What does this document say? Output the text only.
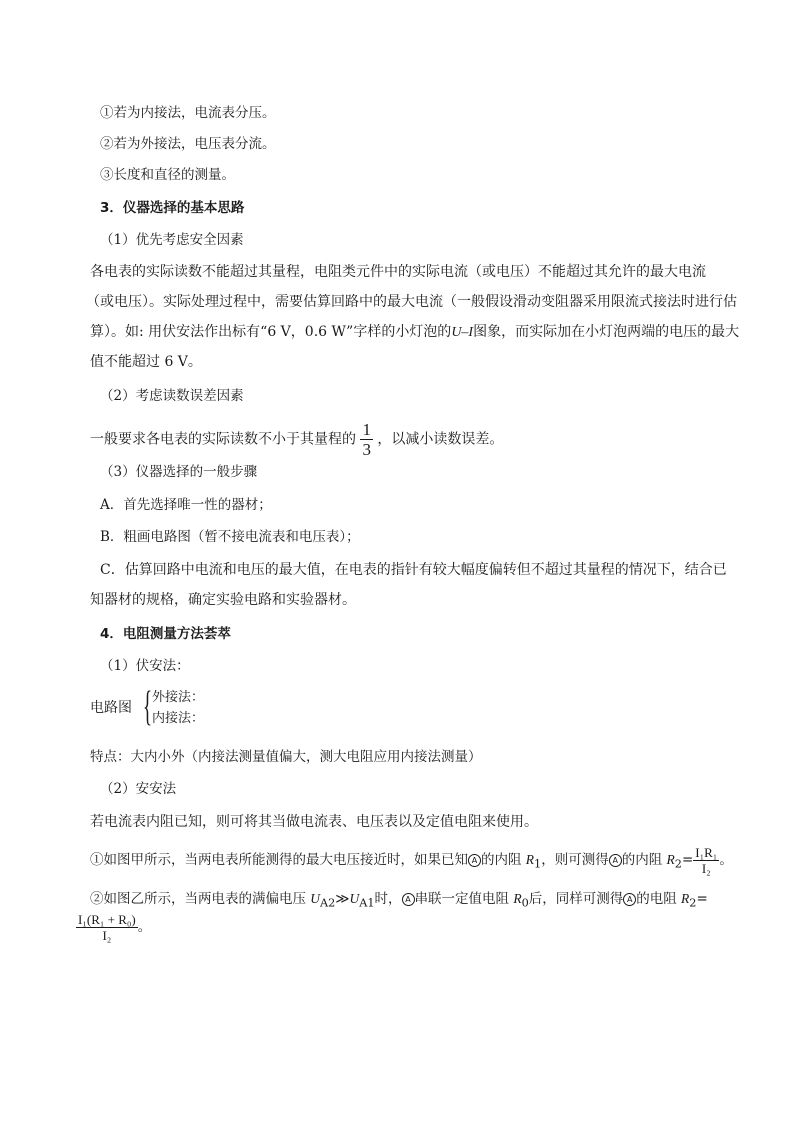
①若为内接法，电流表分压。
②若为外接法，电压表分流。
③长度和直径的测量。
3．仪器选择的基本思路
（1）优先考虑安全因素
各电表的实际读数不能超过其量程，电阻类元件中的实际电流（或电压）不能超过其允许的最大电流
（或电压）。实际处理过程中，需要估算回路中的最大电流（一般假设滑动变阻器采用限流式接法时进行估
算）。如: 用伏安法作出标有“6 V，0.6 W”字样的小灯泡的U–I图象，而实际加在小灯泡两端的电压的最大
值不能超过 6 V。
（2）考虑读数误差因素
一般要求各电表的实际读数不小于其量程的 $\frac{1}{3}$ ，以减小读数误差。
（3）仪器选择的一般步骤
A．首先选择唯一性的器材；
B．粗画电路图（暂不接电流表和电压表）；
C．估算回路中电流和电压的最大值，在电表的指针有较大幅度偏转但不超过其量程的情况下，结合已
知器材的规格，确定实验电路和实验器材。
4．电阻测量方法荟萃
（1）伏安法：
电路图 { 外接法：
内接法：
特点：大内小外（内接法测量值偏大，测大电阻应用内接法测量）
（2）安安法
若电流表内阻已知，则可将其当做电流表、电压表以及定值电阻来使用。
①如图甲所示，当两电表所能测得的最大电压接近时，如果已知 A 的内阻 $R_1$，则可测得 A 的内阻 $R_2= \frac{\text{I₁R₁}}{\text{I₂}}$ 。
②如图乙所示，当两电表的满偏电压 $U_{A2}≫U_{A1}$时， A 串联一定值电阻 $R_0$后，同样可测得 A 的电阻 $R_2=$
$\frac{\text{I₁(R₁ + R₀)}}{\text{I₂}}$ 。
